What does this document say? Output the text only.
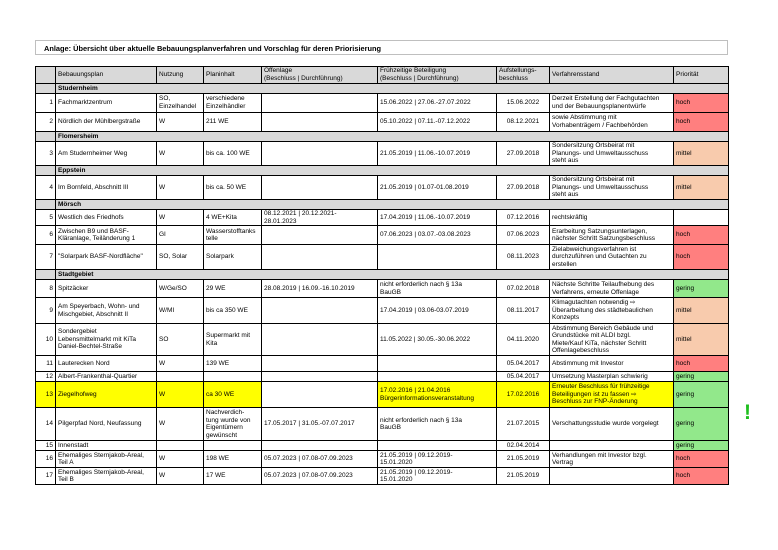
Anlage: Übersicht über aktuelle Bebauungsplanverfahren und Vorschlag für deren Priorisierung
	Bebauungsplan	Nutzung	Planinhalt	Offenlage
(Beschluss | Durchführung)	Frühzeitige Beteiligung
(Beschluss | Durchführung)	Aufstellungs-
beschluss	Verfahrensstand	Priorität
	Studernheim							
1	Fachmarktzentrum	SO,
Einzelhandel	verschiedene
Einzelhändler		15.06.2022 | 27.06.-27.07.2022	15.06.2022	Derzeit Erstellung der Fachgutachten
und der Bebauungsplanentwürfe	hoch
2	Nördlich der Mühlbergstraße	W	211 WE		05.10.2022 | 07.11.-07.12.2022	08.12.2021	sowie Abstimmung mit
Vorhabenträgern / Fachbehörden	hoch
	Flomersheim							
3	Am Studernheimer Weg	W	bis ca. 100 WE		21.05.2019 | 11.06.-10.07.2019	27.09.2018	Sondersitzung Ortsbeirat mit
Planungs- und Umweltausschuss
steht aus	mittel
	Eppstein							
4	Im Bornfeld, Abschnitt III	W	bis ca. 50 WE		21.05.2019 | 01.07-01.08.2019	27.09.2018	Sondersitzung Ortsbeirat mit
Planungs- und Umweltausschuss
steht aus	mittel
	Mörsch							
5	Westlich des Friedhofs	W	4 WE+Kita	08.12.2021 | 20.12.2021-
28.01.2023	17.04.2019 | 11.06.-10.07.2019	07.12.2016	rechtskräftig	
6	Zwischen B9 und BASF-
Kläranlage, Teiländerung 1	GI	Wasserstofftanks
telle		07.06.2023 | 03.07.-03.08.2023	07.06.2023	Erarbeitung Satzungsunterlagen,
nächster Schritt Satzungsbeschluss	hoch
7	"Solarpark BASF-Nordfläche"	SO, Solar	Solarpark			08.11.2023	Zielabweichungsverfahren ist
durchzuführen und Gutachten zu
erstellen	hoch
	Stadtgebiet							
8	Spitzäcker	W/Ge/SO	29 WE	28.08.2019 | 16.09.-16.10.2019	nicht erforderlich nach § 13a
BauGB	07.02.2018	Nächste Schritte Teilaufhebung des
Verfahrens, erneute Offenlage	gering
9	Am Speyerbach, Wohn- und
Mischgebiet, Abschnitt II	W/MI	bis ca 350 WE		17.04.2019 | 03.06-03.07.2019	08.11.2017	Klimagutachten notwendig ⇨
Überarbeitung des städtebaulichen
Konzepts	mittel
10	Sondergebiet
Lebensmittelmarkt mit KiTa
Daniel-Bechtel-Straße	SO	Supermarkt mit
Kita		11.05.2022 | 30.05.-30.06.2022	04.11.2020	Abstimmung Bereich Gebäude und
Grundstücke mit ALDI bzgl.
Miete/Kauf KiTa, nächster Schritt
Offenlagebeschluss	mittel
11	Lauterecken Nord	W	139 WE			05.04.2017	Abstimmung mit Investor	hoch
12	Albert-Frankenthal-Quartier					05.04.2017	Umsetzung Masterplan schwierig	gering
13	Ziegelhofweg	W	ca 30 WE		17.02.2016 | 21.04.2016
Bürgerinformationsveranstaltung	17.02.2016	Erneuter Beschluss für frühzeitige
Beteiligungen ist zu fassen ⇨
Beschluss zur FNP-Änderung	gering
14	Pilgerpfad Nord, Neufassung	W	Nachverdich-
tung wurde von
Eigentümern
gewünscht	17.05.2017 | 31.05.-07.07.2017	nicht erforderlich nach § 13a
BauGB	21.07.2015	Verschattungsstudie wurde vorgelegt	gering
15	Innenstadt					02.04.2014		gering
16	Ehemaliges Sternjakob-Areal,
Teil A	W	198 WE	05.07.2023 | 07.08-07.09.2023	21.05.2019 | 09.12.2019-
15.01.2020	21.05.2019	Verhandlungen mit Investor bzgl.
Vertrag	hoch
17	Ehemaliges Sternjakob-Areal,
Teil B	W	17 WE	05.07.2023 | 07.08-07.09.2023	21.05.2019 | 09.12.2019-
15.01.2020	21.05.2019		hoch
!
